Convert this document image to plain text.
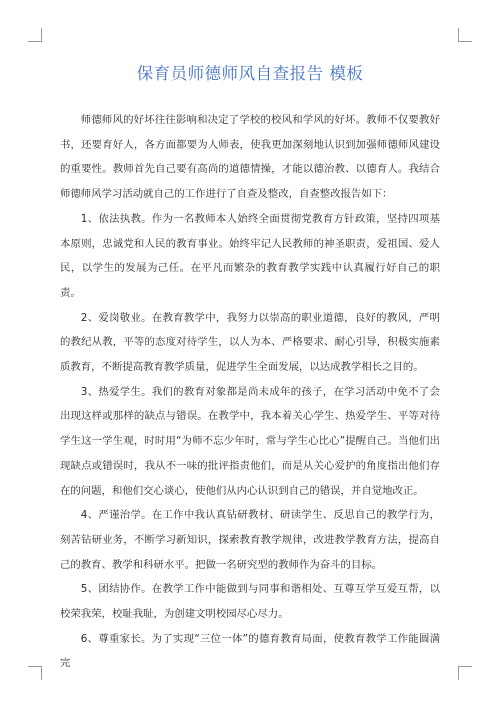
保育员师德师风自查报告 模板

师德师风的好坏往往影响和决定了学校的校风和学风的好坏。教师不仅要教好书，还要育好人，各方面都要为人师表，使我更加深刻地认识到加强师德师风建设的重要性。教师首先自己要有高尚的道德情操，才能以德治教、以德育人。我结合师德师风学习活动就自己的工作进行了自查及整改，自查整改报告如下：

1、依法执教。作为一名教师本人始终全面贯彻党教育方针政策，坚持四项基本原则，忠诚党和人民的教育事业。始终牢记人民教师的神圣职责，爱祖国、爱人民，以学生的发展为己任。在平凡而繁杂的教育教学实践中认真履行好自己的职责。

2、爱岗敬业。在教育教学中，我努力以崇高的职业道德，良好的教风，严明的教纪从教，平等的态度对待学生，以人为本、严格要求、耐心引导，积极实施素质教育，不断提高教育教学质量，促进学生全面发展，以达成教学相长之目的。

3、热爱学生。我们的教育对象都是尚未成年的孩子，在学习活动中免不了会出现这样或那样的缺点与错误。在教学中，我本着关心学生、热爱学生、平等对待学生这一学生观，时时用“为师不忘少年时，常与学生心比心”提醒自己。当他们出现缺点或错误时，我从不一味的批评指责他们，而是从关心爱护的角度指出他们存在的问题，和他们交心谈心，使他们从内心认识到自己的错误，并自觉地改正。

4、严谨治学。在工作中我认真钻研教材、研读学生、反思自己的教学行为，刻苦钻研业务，不断学习新知识，探索教育教学规律，改进教学教育方法，提高自己的教育、教学和科研水平。把做一名研究型的教师作为奋斗的目标。

5、团结协作。在教学工作中能做到与同事和谐相处、互尊互学互爱互帮，以校荣我荣，校耻我耻，为创建文明校园尽心尽力。

6、尊重家长。为了实现“三位一体”的德育教育局面，使教育教学工作能圆满完
